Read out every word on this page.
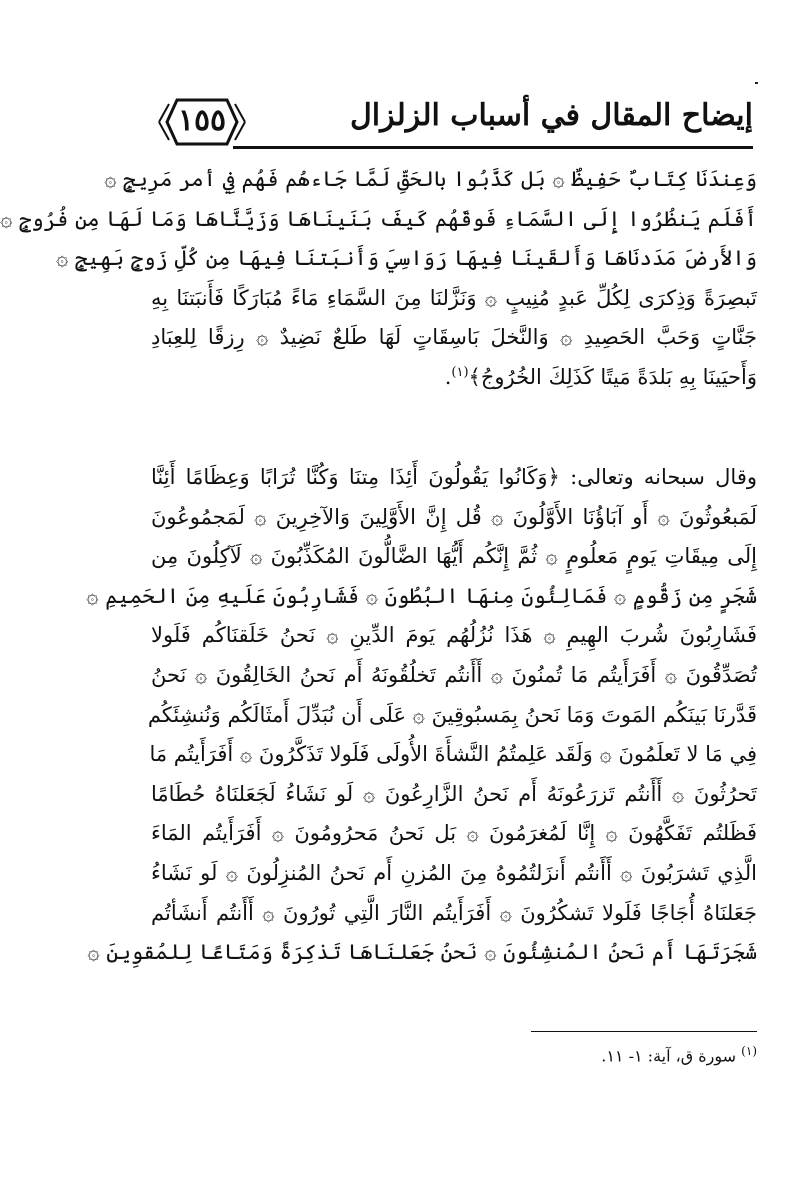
١٥٥	إيضاح المقال في أسباب الزلزال
وَعِندَنَا كِتَابٌ حَفِيظٌ ۞ بَل كَذَّبُوا بالحَقِّ لَمَّا جَاءهُم فَهُم فِي أمر مَرِيجٍ ۞
أَفَلَم يَنظُرُوا إِلَى السَّمَاءِ فَوقَهُم كَيفَ بَنَينَاهَا وَزَيَّنَّاهَا وَمَا لَهَا مِن فُرُوجٍ ۞
وَالأَرضَ مَدَدنَاهَا وَأَلقَينَا فِيهَا رَوَاسِيَ وَأَنبَتنَا فِيهَا مِن كُلِّ زَوجٍ بَهِيجٍ ۞
تَبصِرَةً وَذِكرَى لِكُلِّ عَبدٍ مُنِيبٍ ۞ وَنَزَّلنَا مِنَ السَّمَاءِ مَاءً مُبَارَكًا فَأَنبَتنَا بِهِ
جَنَّاتٍ وَحَبَّ الحَصِيدِ ۞ وَالنَّخلَ بَاسِقَاتٍ لَهَا طَلعٌ نَضِيدٌ ۞ رِزقًا لِلعِبَادِ
وَأَحيَينَا بِهِ بَلدَةً مَيتًا كَذَلِكَ الخُرُوجُ﴾$^{(١)}$.
وقال سبحانه وتعالى: ﴿وَكَانُوا يَقُولُونَ أَئِذَا مِتنَا وَكُنَّا تُرَابًا وَعِظَامًا أَئِنَّا
لَمَبعُوثُونَ ۞ أَو آبَاؤُنَا الأَوَّلُونَ ۞ قُل إِنَّ الأَوَّلِينَ وَالآخِرِينَ ۞ لَمَجمُوعُونَ
إِلَى مِيقَاتِ يَومٍ مَعلُومٍ ۞ ثُمَّ إِنَّكُم أَيُّهَا الضَّالُّونَ المُكَذِّبُونَ ۞ لَآكِلُونَ مِن
شَجَرٍ مِن زَقُّومٍ ۞ فَمَالِئُونَ مِنهَا البُطُونَ ۞ فَشَارِبُونَ عَلَيهِ مِنَ الحَمِيمِ ۞
فَشَارِبُونَ شُربَ الهِيمِ ۞ هَذَا نُزُلُهُم يَومَ الدِّينِ ۞ نَحنُ خَلَقنَاكُم فَلَولا
تُصَدِّقُونَ ۞ أَفَرَأَيتُم مَا تُمنُونَ ۞ أَأَنتُم تَخلُقُونَهُ أَم نَحنُ الخَالِقُونَ ۞ نَحنُ
قَدَّرنَا بَينَكُم المَوتَ وَمَا نَحنُ بِمَسبُوقِينَ ۞ عَلَى أَن نُبَدِّلَ أَمثَالَكُم وَنُنشِئَكُم
فِي مَا لا تَعلَمُونَ ۞ وَلَقَد عَلِمتُمُ النَّشأَةَ الأُولَى فَلَولا تَذَكَّرُونَ ۞ أَفَرَأَيتُم مَا
تَحرُثُونَ ۞ أَأَنتُم تَزرَعُونَهُ أَم نَحنُ الزَّارِعُونَ ۞ لَو نَشَاءُ لَجَعَلنَاهُ حُطَامًا
فَظَلتُم تَفَكَّهُونَ ۞ إِنَّا لَمُغرَمُونَ ۞ بَل نَحنُ مَحرُومُونَ ۞ أَفَرَأَيتُم المَاءَ
الَّذِي تَشرَبُونَ ۞ أَأَنتُم أَنزَلتُمُوهُ مِنَ المُزنِ أَم نَحنُ المُنزِلُونَ ۞ لَو نَشَاءُ
جَعَلنَاهُ أُجَاجًا فَلَولا تَشكُرُونَ ۞ أَفَرَأَيتُم النَّارَ الَّتِي تُورُونَ ۞ أَأَنتُم أَنشَأتُم
شَجَرَتَهَا أَم نَحنُ المُنشِئُونَ ۞ نَحنُ جَعَلنَاهَا تَذكِرَةً وَمَتَاعًا لِلمُقوِينَ ۞
$^{(١)}$ سورة ق، آية: ١- ١١.
